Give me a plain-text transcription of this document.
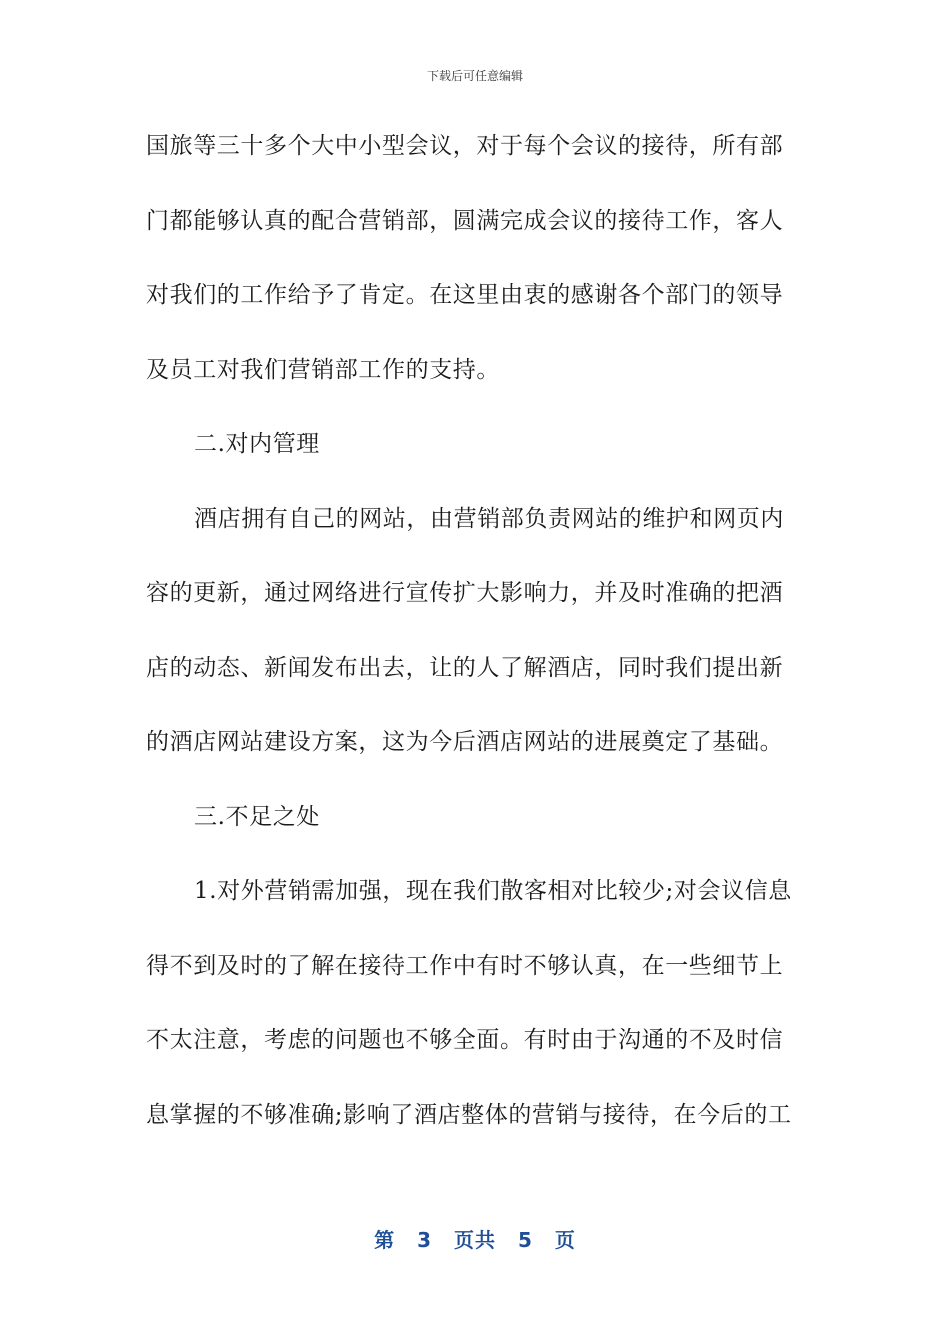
下载后可任意编辑
国旅等三十多个大中小型会议，对于每个会议的接待，所有部
门都能够认真的配合营销部，圆满完成会议的接待工作，客人
对我们的工作给予了肯定。在这里由衷的感谢各个部门的领导
及员工对我们营销部工作的支持。
二.对内管理
酒店拥有自己的网站，由营销部负责网站的维护和网页内
容的更新，通过网络进行宣传扩大影响力，并及时准确的把酒
店的动态、新闻发布出去，让的人了解酒店，同时我们提出新
的酒店网站建设方案，这为今后酒店网站的进展奠定了基础。
三.不足之处
1.对外营销需加强，现在我们散客相对比较少;对会议信息
得不到及时的了解在接待工作中有时不够认真，在一些细节上
不太注意，考虑的问题也不够全面。有时由于沟通的不及时信
息掌握的不够准确;影响了酒店整体的营销与接待，在今后的工
第 3 页共 5 页
